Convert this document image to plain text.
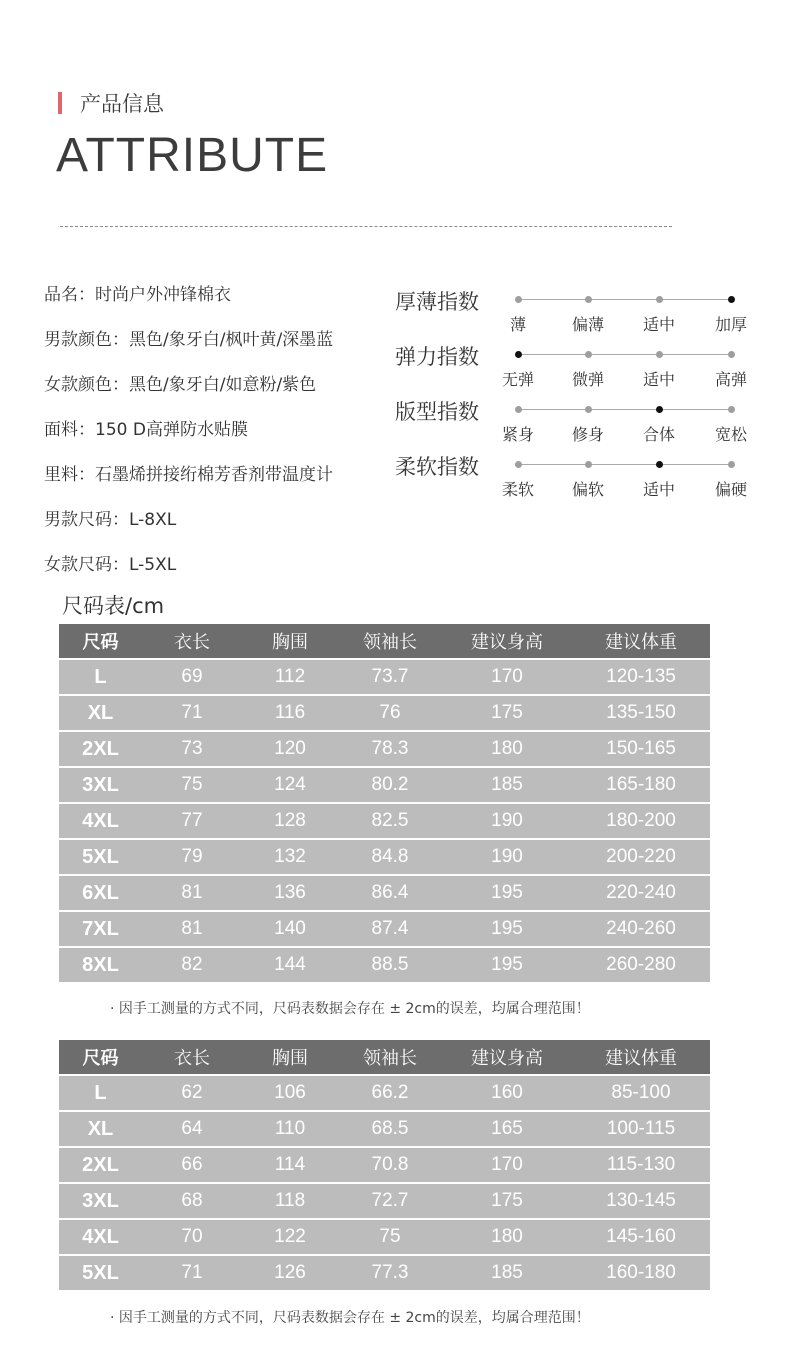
产品信息
ATTRIBUTE
品名：时尚户外冲锋棉衣
男款颜色：黑色/象牙白/枫叶黄/深墨蓝
女款颜色：黑色/象牙白/如意粉/紫色
面料：150 D高弹防水贴膜
里料：石墨烯拼接绗棉芳香剂带温度计
男款尺码：L-8XL
女款尺码：L-5XL
厚薄指数
薄	偏薄 适中 加厚
弹力指数
无弹 微弹 适中 高弹
版型指数
紧身 修身 合体 宽松
柔软指数
柔软 偏软 适中 偏硬
尺码表/cm
尺码	衣长	胸围	领袖长	建议身高	建议体重
L	69	112	73.7	170	120-135
XL	71	116	76	175	135-150
2XL	73	120	78.3	180	150-165
3XL	75	124	80.2	185	165-180
4XL	77	128	82.5	190	180-200
5XL	79	132	84.8	190	200-220
6XL	81	136	86.4	195	220-240
7XL	81	140	87.4	195	240-260
8XL	82	144	88.5	195	260-280
· 因手工测量的方式不同，尺码表数据会存在 ± 2cm的误差，均属合理范围！
尺码	衣长	胸围	领袖长	建议身高	建议体重
L	62	106	66.2	160	85-100
XL	64	110	68.5	165	100-115
2XL	66	114	70.8	170	115-130
3XL	68	118	72.7	175	130-145
4XL	70	122	75	180	145-160
5XL	71	126	77.3	185	160-180
· 因手工测量的方式不同，尺码表数据会存在 ± 2cm的误差，均属合理范围！
